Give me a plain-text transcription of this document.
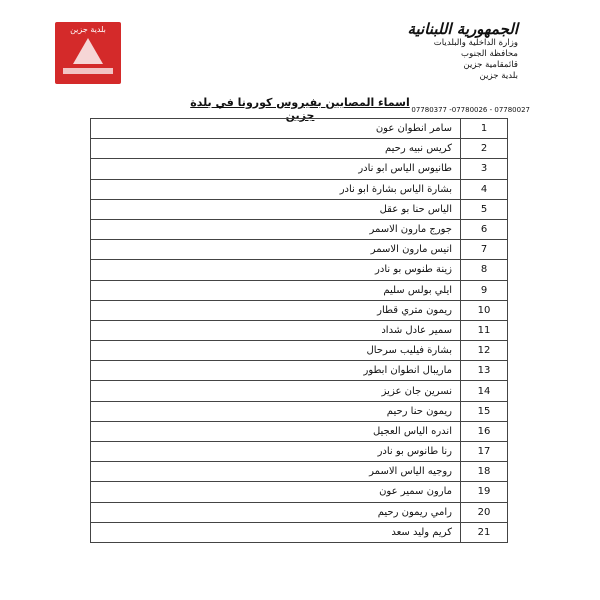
بلدية جزين	الجمهورية اللبنانية
وزارة الداخلية والبلديات
محافظة الجنوب
قائمقامية جزين
بلدية جزين
07780377 -07780026 - 07780027
اسماء المصابين بفيروس كورونا في بلدة جزين
1	سامر انطوان عون
2	كريس نبيه رحيم
3	طانيوس الياس ابو نادر
4	بشارة الياس بشارة ابو نادر
5	الياس حنا بو عقل
6	جورج مارون الاسمر
7	انيس مارون الاسمر
8	زينة طنوس بو نادر
9	ايلي بولس سليم
10	ريمون متري قطار
11	سمير عادل شداد
12	بشارة فيليب سرحال
13	ماريبال انطوان ابطور
14	نسرين جان عزيز
15	ريمون حنا رحيم
16	اندره الياس العجيل
17	رنا طانوس بو نادر
18	روجيه الياس الاسمر
19	مارون سمير عون
20	رامي ريمون رحيم
21	كريم وليد سعد
